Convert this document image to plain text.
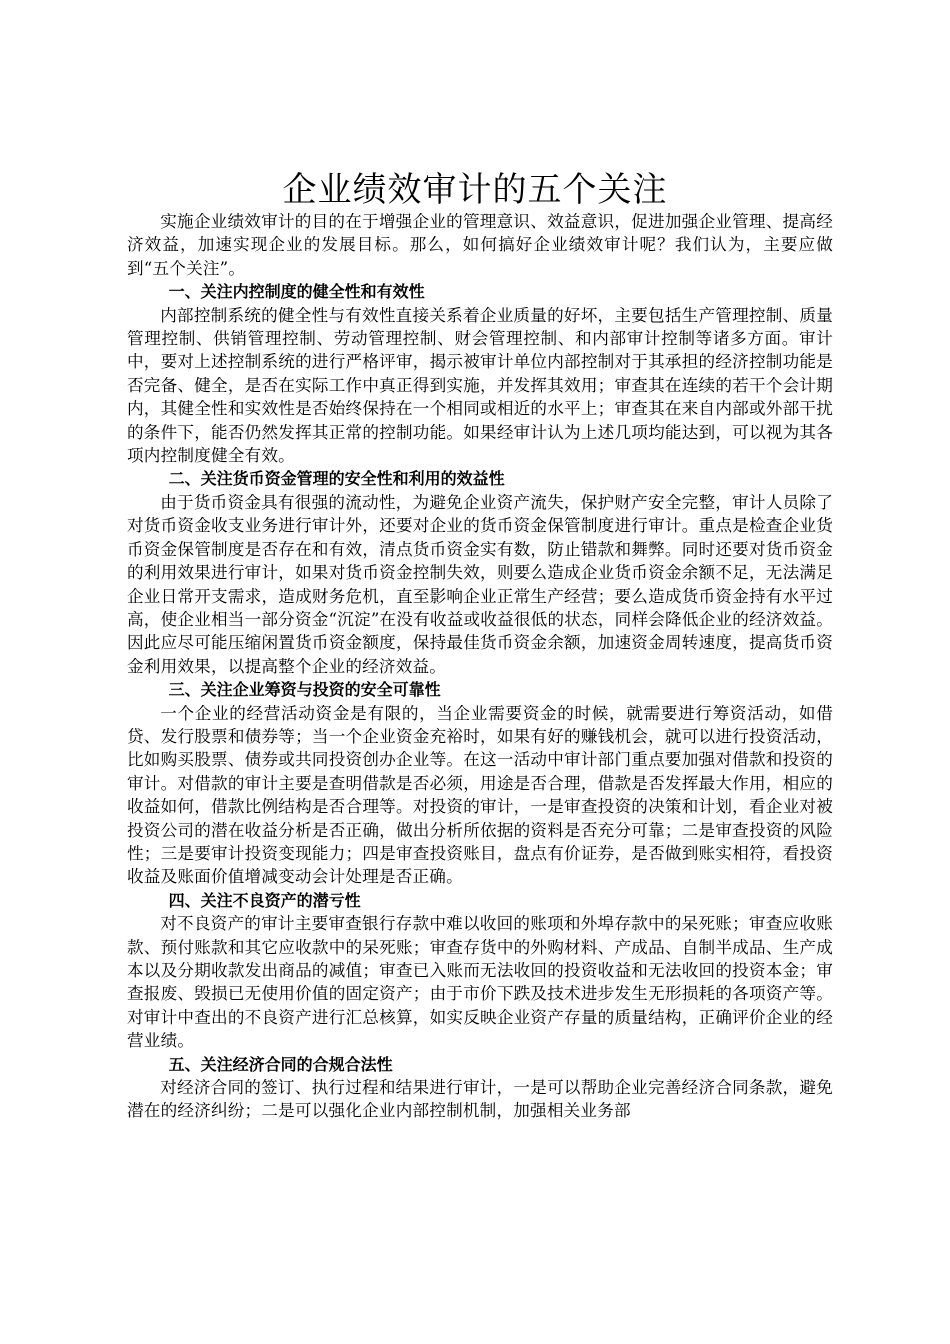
企业绩效审计的五个关注

实施企业绩效审计的目的在于增强企业的管理意识、效益意识，促进加强企业管理、提高经济效益，加速实现企业的发展目标。那么，如何搞好企业绩效审计呢？我们认为，主要应做到“五个关注”。

一、关注内控制度的健全性和有效性

内部控制系统的健全性与有效性直接关系着企业质量的好坏，主要包括生产管理控制、质量管理控制、供销管理控制、劳动管理控制、财会管理控制、和内部审计控制等诸多方面。审计中，要对上述控制系统的进行严格评审，揭示被审计单位内部控制对于其承担的经济控制功能是否完备、健全，是否在实际工作中真正得到实施，并发挥其效用；审查其在连续的若干个会计期内，其健全性和实效性是否始终保持在一个相同或相近的水平上；审查其在来自内部或外部干扰的条件下，能否仍然发挥其正常的控制功能。如果经审计认为上述几项均能达到，可以视为其各项内控制度健全有效。

二、关注货币资金管理的安全性和利用的效益性

由于货币资金具有很强的流动性，为避免企业资产流失，保护财产安全完整，审计人员除了对货币资金收支业务进行审计外，还要对企业的货币资金保管制度进行审计。重点是检查企业货币资金保管制度是否存在和有效，清点货币资金实有数，防止错款和舞弊。同时还要对货币资金的利用效果进行审计，如果对货币资金控制失效，则要么造成企业货币资金余额不足，无法满足企业日常开支需求，造成财务危机，直至影响企业正常生产经营；要么造成货币资金持有水平过高，使企业相当一部分资金“沉淀”在没有收益或收益很低的状态，同样会降低企业的经济效益。因此应尽可能压缩闲置货币资金额度，保持最佳货币资金余额，加速资金周转速度，提高货币资金利用效果，以提高整个企业的经济效益。

三、关注企业筹资与投资的安全可靠性

一个企业的经营活动资金是有限的，当企业需要资金的时候，就需要进行筹资活动，如借贷、发行股票和债券等；当一个企业资金充裕时，如果有好的赚钱机会，就可以进行投资活动，比如购买股票、债券或共同投资创办企业等。在这一活动中审计部门重点要加强对借款和投资的审计。对借款的审计主要是查明借款是否必须，用途是否合理，借款是否发挥最大作用，相应的收益如何，借款比例结构是否合理等。对投资的审计，一是审查投资的决策和计划，看企业对被投资公司的潜在收益分析是否正确，做出分析所依据的资料是否充分可靠；二是审查投资的风险性；三是要审计投资变现能力；四是审查投资账目，盘点有价证券，是否做到账实相符，看投资收益及账面价值增减变动会计处理是否正确。

四、关注不良资产的潜亏性

对不良资产的审计主要审查银行存款中难以收回的账项和外埠存款中的呆死账；审查应收账款、预付账款和其它应收款中的呆死账；审查存货中的外购材料、产成品、自制半成品、生产成本以及分期收款发出商品的减值；审查已入账而无法收回的投资收益和无法收回的投资本金；审查报废、毁损已无使用价值的固定资产；由于市价下跌及技术进步发生无形损耗的各项资产等。对审计中查出的不良资产进行汇总核算，如实反映企业资产存量的质量结构，正确评价企业的经营业绩。

五、关注经济合同的合规合法性

对经济合同的签订、执行过程和结果进行审计，一是可以帮助企业完善经济合同条款，避免潜在的经济纠纷；二是可以强化企业内部控制机制，加强相关业务部
